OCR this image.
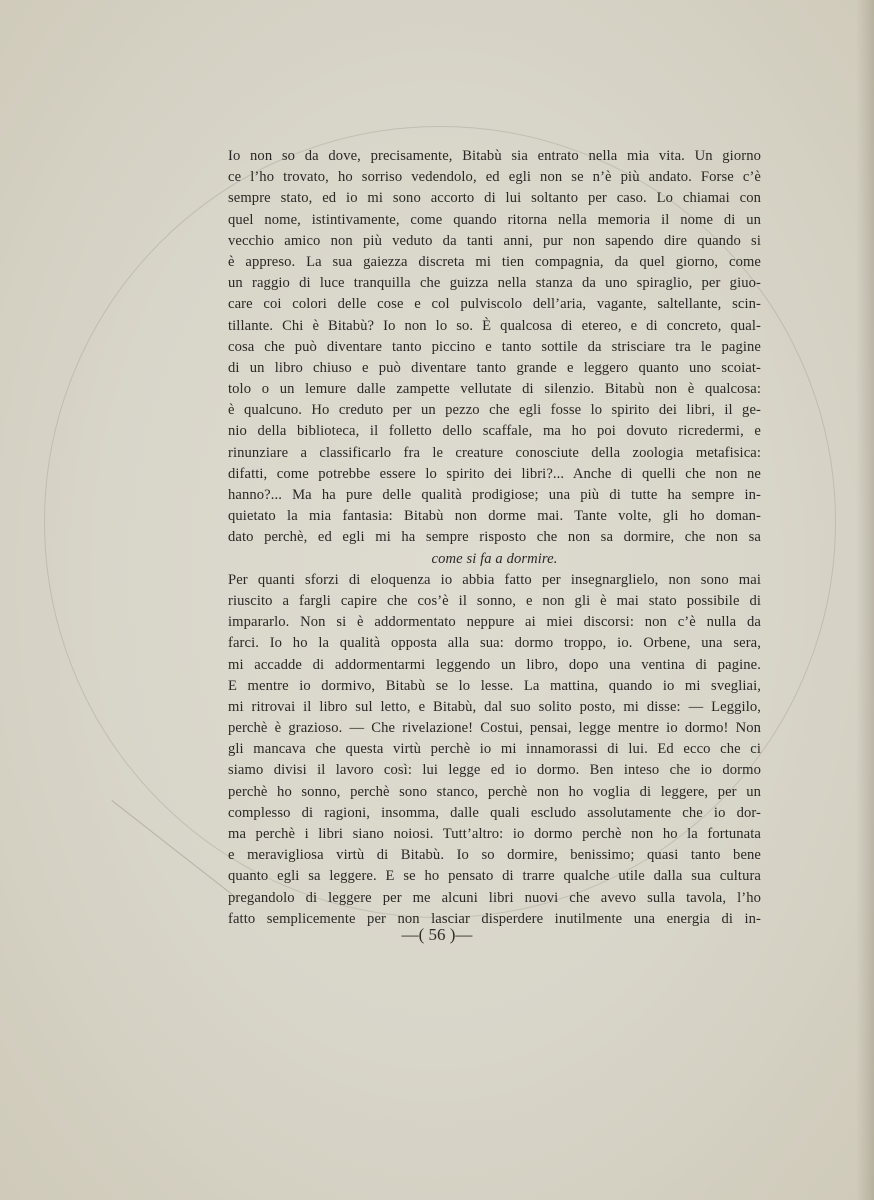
Io non so da dove, precisamente, Bitabù sia entrato nella mia vita. Un giorno
ce l’ho trovato, ho sorriso vedendolo, ed egli non se n’è più andato. Forse c’è
sempre stato, ed io mi sono accorto di lui soltanto per caso. Lo chiamai con
quel nome, istintivamente, come quando ritorna nella memoria il nome di un
vecchio amico non più veduto da tanti anni, pur non sapendo dire quando si
è appreso. La sua gaiezza discreta mi tien compagnia, da quel giorno, come
un raggio di luce tranquilla che guizza nella stanza da uno spiraglio, per giuo-
care coi colori delle cose e col pulviscolo dell’aria, vagante, saltellante, scin-
tillante. Chi è Bitabù? Io non lo so. È qualcosa di etereo, e di concreto, qual-
cosa che può diventare tanto piccino e tanto sottile da strisciare tra le pagine
di un libro chiuso e può diventare tanto grande e leggero quanto uno scoiat-
tolo o un lemure dalle zampette vellutate di silenzio. Bitabù non è qualcosa:
è qualcuno. Ho creduto per un pezzo che egli fosse lo spirito dei libri, il ge-
nio della biblioteca, il folletto dello scaffale, ma ho poi dovuto ricredermi, e
rinunziare a classificarlo fra le creature conosciute della zoologia metafisica:
difatti, come potrebbe essere lo spirito dei libri?... Anche di quelli che non ne
hanno?... Ma ha pure delle qualità prodigiose; una più di tutte ha sempre in-
quietato la mia fantasia: Bitabù non dorme mai. Tante volte, gli ho doman-
dato perchè, ed egli mi ha sempre risposto che non sa dormire, che non sa
come si fa a dormire.
Per quanti sforzi di eloquenza io abbia fatto per insegnarglielo, non sono mai
riuscito a fargli capire che cos’è il sonno, e non gli è mai stato possibile di
impararlo. Non si è addormentato neppure ai miei discorsi: non c’è nulla da
farci. Io ho la qualità opposta alla sua: dormo troppo, io. Orbene, una sera,
mi accadde di addormentarmi leggendo un libro, dopo una ventina di pagine.
E mentre io dormivo, Bitabù se lo lesse. La mattina, quando io mi svegliai,
mi ritrovai il libro sul letto, e Bitabù, dal suo solito posto, mi disse: — Leggilo,
perchè è grazioso. — Che rivelazione! Costui, pensai, legge mentre io dormo! Non
gli mancava che questa virtù perchè io mi innamorassi di lui. Ed ecco che ci
siamo divisi il lavoro così: lui legge ed io dormo. Ben inteso che io dormo
perchè ho sonno, perchè sono stanco, perchè non ho voglia di leggere, per un
complesso di ragioni, insomma, dalle quali escludo assolutamente che io dor-
ma perchè i libri siano noiosi. Tutt’altro: io dormo perchè non ho la fortunata
e meravigliosa virtù di Bitabù. Io so dormire, benissimo; quasi tanto bene
quanto egli sa leggere. E se ho pensato di trarre qualche utile dalla sua cultura
pregandolo di leggere per me alcuni libri nuovi che avevo sulla tavola, l’ho
fatto semplicemente per non lasciar disperdere inutilmente una energia di in-
—( 56 )—
